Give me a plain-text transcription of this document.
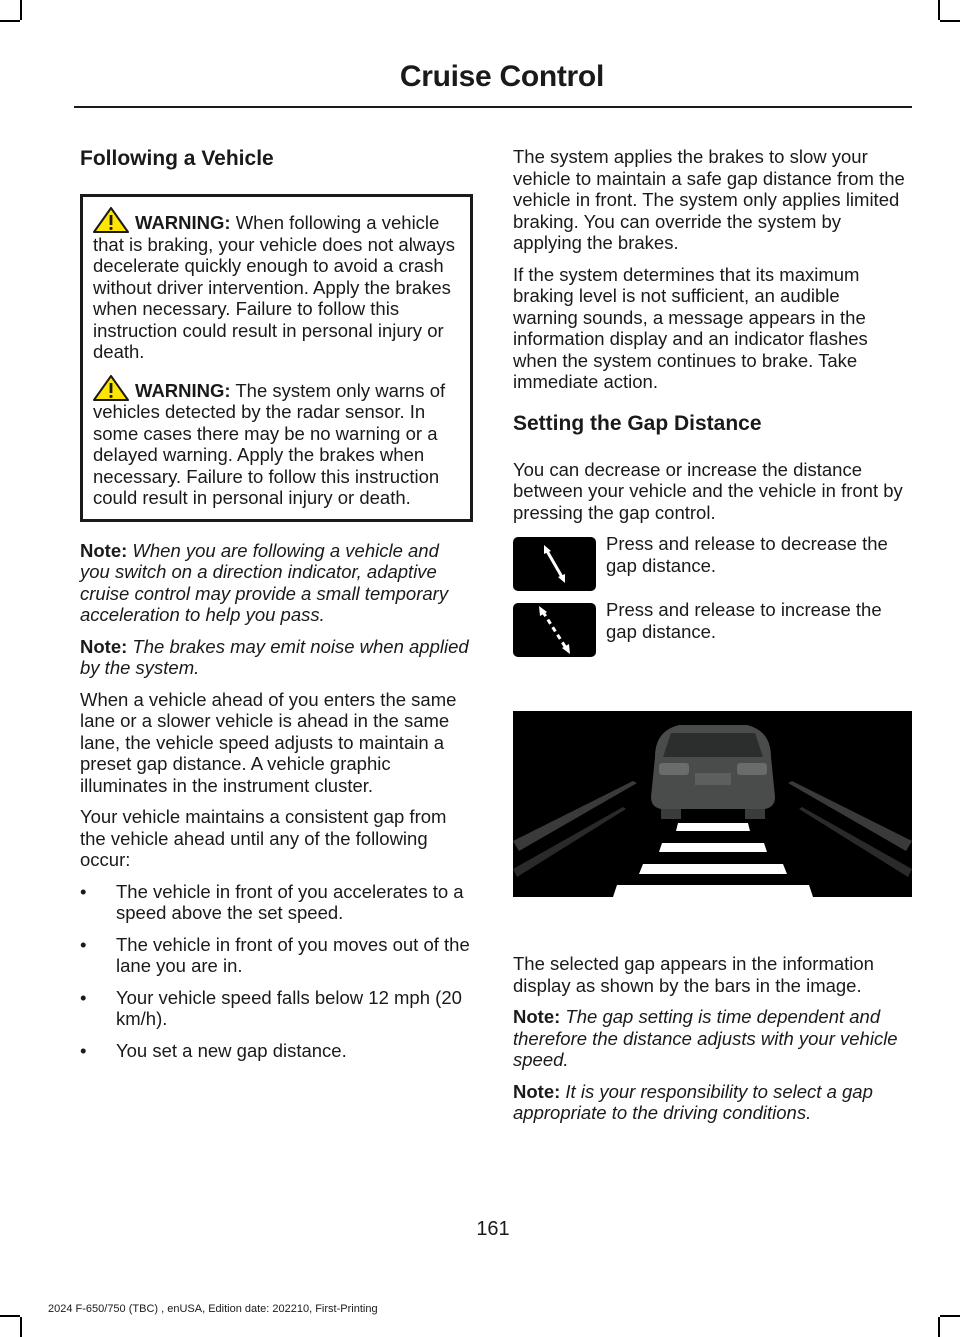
Cruise Control
Following a Vehicle

WARNING: When following a vehicle that is braking, your vehicle does not always decelerate quickly enough to avoid a crash without driver intervention. Apply the brakes when necessary. Failure to follow this instruction could result in personal injury or death.

WARNING: The system only warns of vehicles detected by the radar sensor. In some cases there may be no warning or a delayed warning. Apply the brakes when necessary. Failure to follow this instruction could result in personal injury or death.

Note: When you are following a vehicle and you switch on a direction indicator, adaptive cruise control may provide a small temporary acceleration to help you pass.

Note: The brakes may emit noise when applied by the system.

When a vehicle ahead of you enters the same lane or a slower vehicle is ahead in the same lane, the vehicle speed adjusts to maintain a preset gap distance. A vehicle graphic illuminates in the instrument cluster.

Your vehicle maintains a consistent gap from the vehicle ahead until any of the following occur:

• The vehicle in front of you accelerates to a speed above the set speed.
• The vehicle in front of you moves out of the lane you are in.
• Your vehicle speed falls below 12 mph (20 km/h).
• You set a new gap distance.

The system applies the brakes to slow your vehicle to maintain a safe gap distance from the vehicle in front. The system only applies limited braking. You can override the system by applying the brakes.

If the system determines that its maximum braking level is not sufficient, an audible warning sounds, a message appears in the information display and an indicator flashes when the system continues to brake. Take immediate action.

Setting the Gap Distance

You can decrease or increase the distance between your vehicle and the vehicle in front by pressing the gap control.

Press and release to decrease the gap distance.
Press and release to increase the gap distance.

The selected gap appears in the information display as shown by the bars in the image.

Note: The gap setting is time dependent and therefore the distance adjusts with your vehicle speed.

Note: It is your responsibility to select a gap appropriate to the driving conditions.

161
2024 F-650/750 (TBC) , enUSA, Edition date: 202210, First-Printing
